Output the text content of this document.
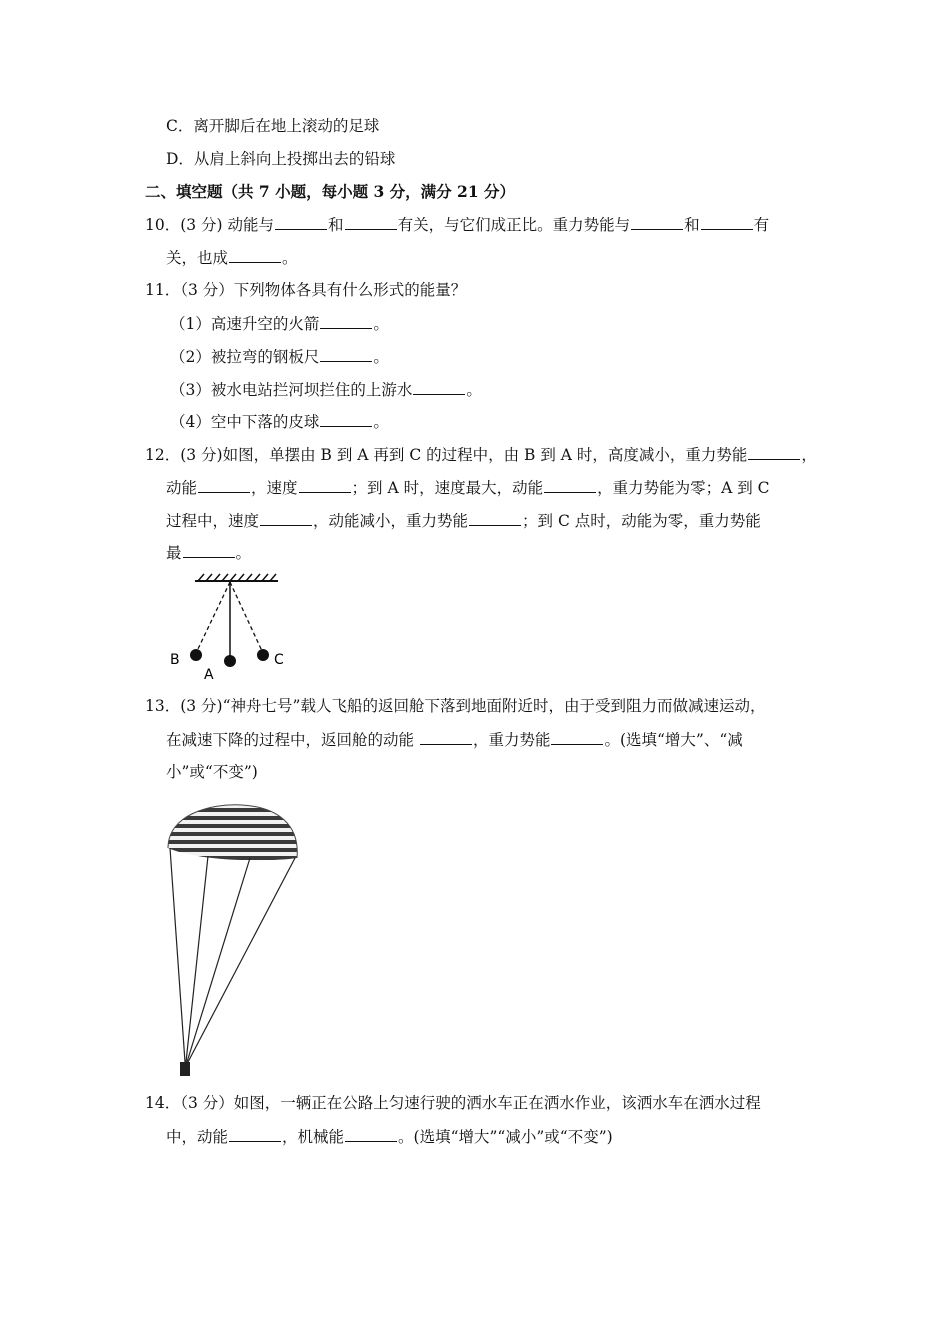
C．离开脚后在地上滚动的足球
D．从肩上斜向上投掷出去的铅球
二、填空题（共 7 小题，每小题 3 分，满分 21 分）
10．(3 分) 动能与	和	有关，与它们成正比。重力势能与	和	有
关，也成	。
11．（3 分）下列物体各具有什么形式的能量？
（1）高速升空的火箭	。
（2）被拉弯的钢板尺	。
（3）被水电站拦河坝拦住的上游水	。
（4）空中下落的皮球	。
12．(3 分)如图，单摆由 B 到 A 再到 C 的过程中，由 B 到 A 时，高度减小，重力势能	，
动能	，速度	；到 A 时，速度最大，动能	，重力势能为零；A 到 C
过程中，速度	，动能减小，重力势能	；到 C 点时，动能为零，重力势能
最	。
B
A
C
13．(3 分)“神舟七号”载人飞船的返回舱下落到地面附近时，由于受到阻力而做减速运动，
在减速下降的过程中，返回舱的动能	，重力势能	。(选填“增大”、“减
小”或“不变”)
14．（3 分）如图，一辆正在公路上匀速行驶的洒水车正在洒水作业，该洒水车在洒水过程
中，动能	，机械能	。(选填“增大”“减小”或“不变”)
